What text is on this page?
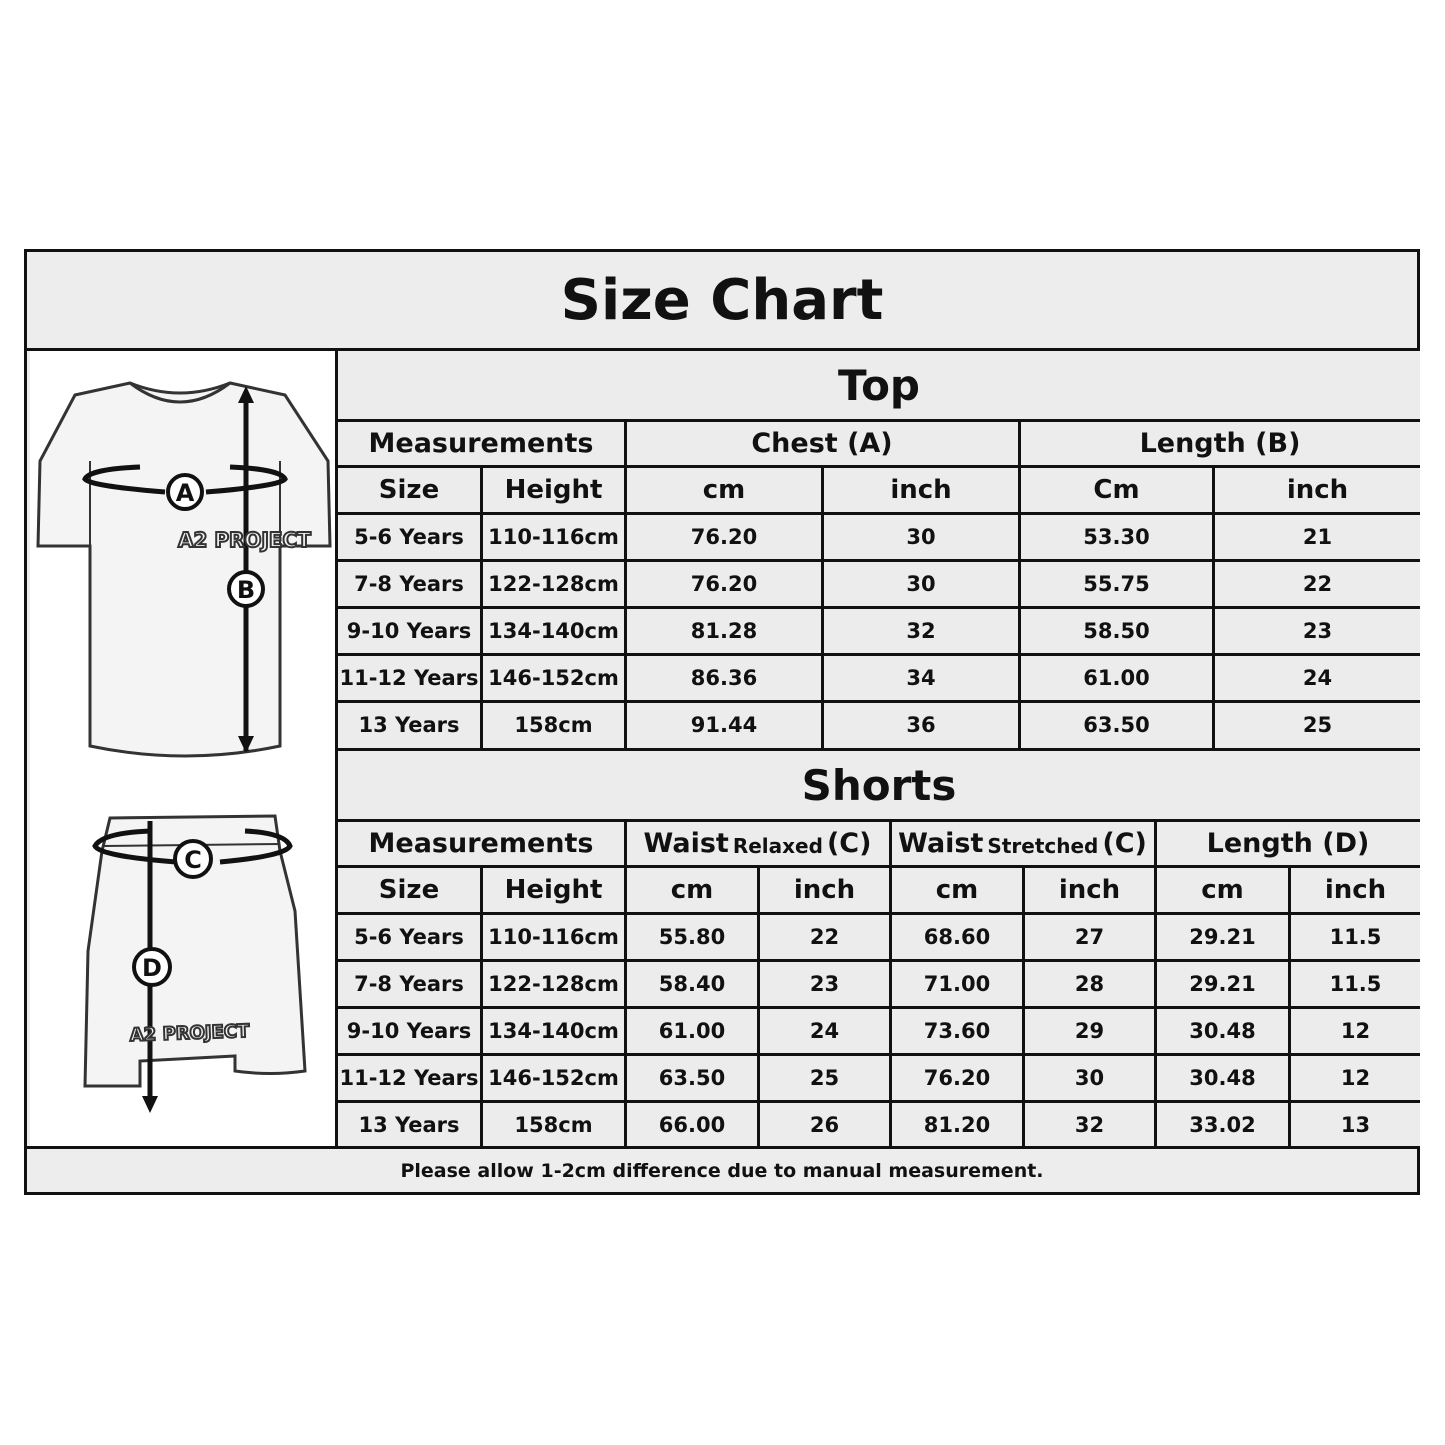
Size Chart
A
B
C
D
A2 PROJECT
A2 PROJECT
Top
Measurements	Chest (A)	Length (B)
Shorts
Measurements	Waist Relaxed (C) Waist Stretched (C)	Length (D)
Please allow 1-2cm difference due to manual measurement.
Size	Height	cm	inch	Cm	inch
5-6 Years	110-116cm	76.20	30	53.30	21
7-8 Years	122-128cm	76.20	30	55.75	22
9-10 Years 134-140cm	81.28	32	58.50	23
11-12 Years 146-152cm	86.36	34	61.00	24
13 Years	158cm	91.44	36	63.50	25
Size	Height	cm	inch	cm	inch	cm	inch
5-6 Years	110-116cm	55.80	22	68.60	27	29.21	11.5
7-8 Years	122-128cm	58.40	23	71.00	28	29.21	11.5
9-10 Years 134-140cm	61.00	24	73.60	29	30.48	12
11-12 Years 146-152cm	63.50	25	76.20	30	30.48	12
13 Years	158cm	66.00	26	81.20	32	33.02	13
